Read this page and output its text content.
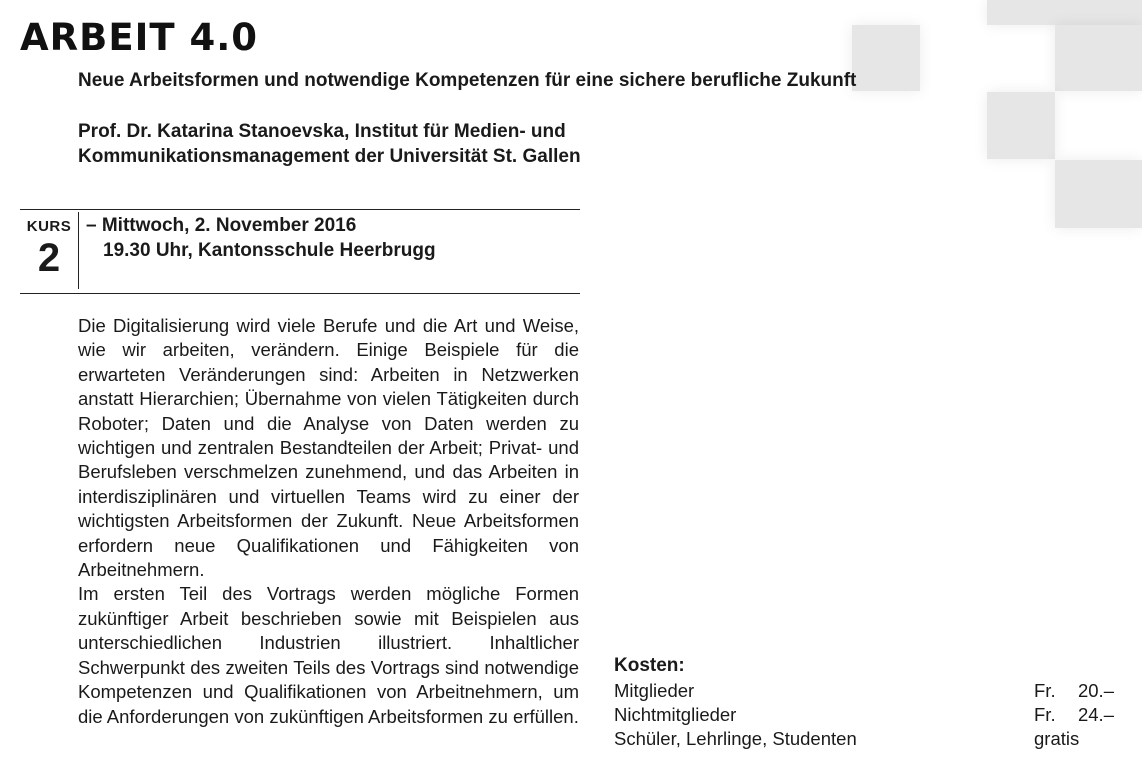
ARBEIT 4.0
Neue Arbeitsformen und notwendige Kompetenzen für eine sichere berufliche Zukunft
Prof. Dr. Katarina Stanoevska, Institut für Medien- und
Kommunikationsmanagement der Universität St. Gallen
KURS
2
– Mittwoch, 2. November 2016
19.30 Uhr, Kantonsschule Heerbrugg

Die Digitalisierung wird viele Berufe und die Art und Weise, wie wir arbeiten, verändern. Einige Beispiele für die erwarteten Veränderungen sind: Arbeiten in Netzwerken anstatt Hierarchien; Übernahme von vielen Tätigkeiten durch Roboter; Daten und die Analyse von Daten werden zu wichtigen und zentralen Bestandteilen der Arbeit; Privat- und Berufsleben verschmelzen zunehmend, und das Arbeiten in interdisziplinären und virtuellen Teams wird zu einer der wichtigsten Arbeitsformen der Zukunft. Neue Arbeitsformen erfordern neue Qualifikationen und Fähigkeiten von Arbeitnehmern.

Im ersten Teil des Vortrags werden mögliche Formen zukünftiger Arbeit beschrieben sowie mit Beispielen aus unterschiedlichen Industrien illustriert. Inhaltlicher Schwerpunkt des zweiten Teils des Vortrags sind notwendige Kompetenzen und Qualifikationen von Arbeitnehmern, um die Anforderungen von zukünftigen Arbeitsformen zu erfüllen.

Kosten:
Mitglieder	Fr. 20.–
Nichtmitglieder	Fr. 24.–
Schüler, Lehrlinge, Studenten	gratis
